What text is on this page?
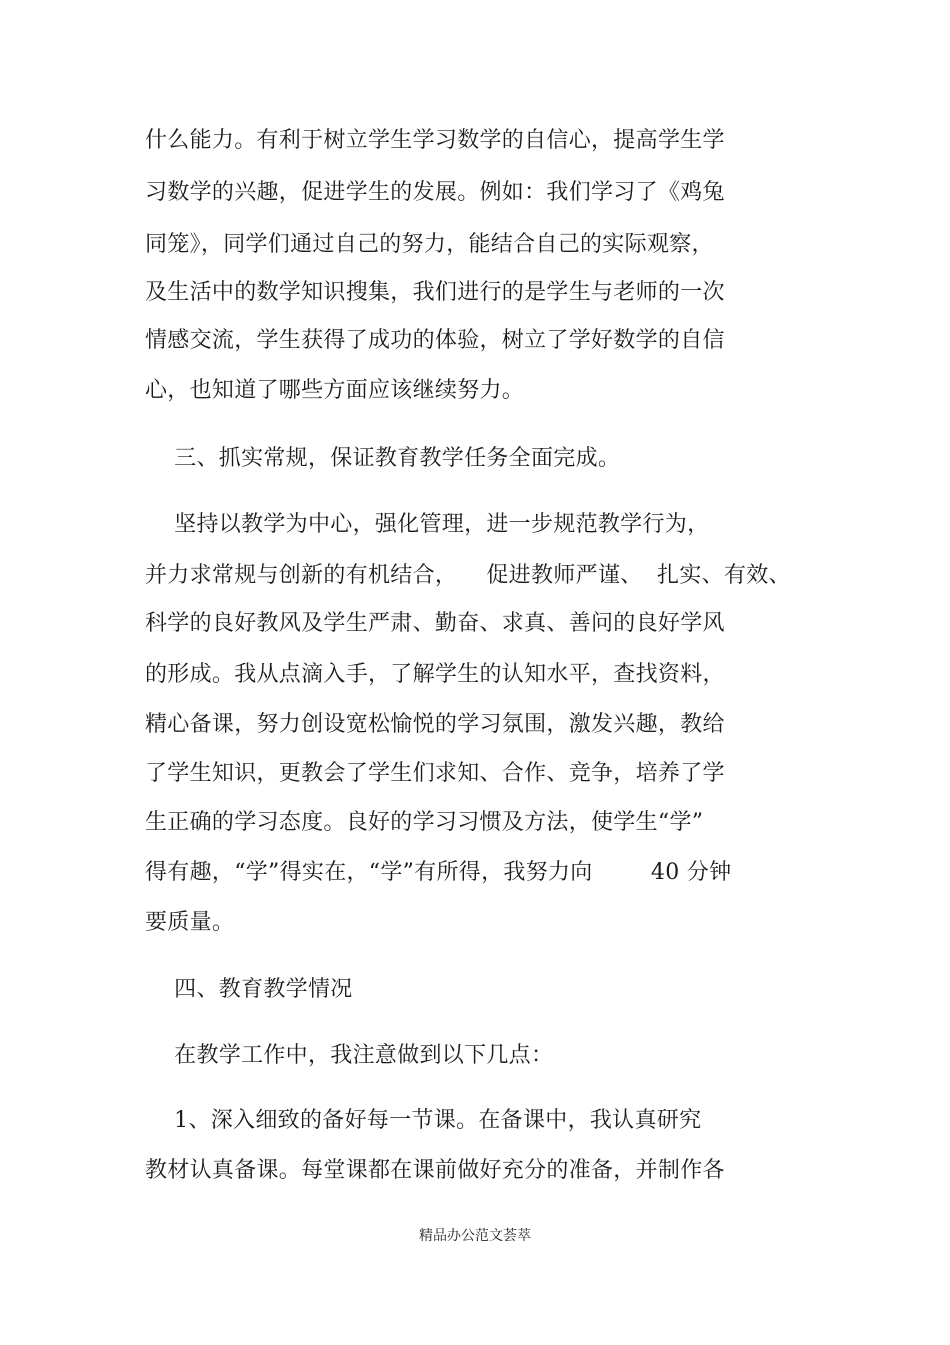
什么能力。有利于树立学生学习数学的自信心，提高学生学
习数学的兴趣，促进学生的发展。例如：我们学习了《鸡兔
同笼》，同学们通过自己的努力，能结合自己的实际观察，
及生活中的数学知识搜集，我们进行的是学生与老师的一次
情感交流，学生获得了成功的体验，树立了学好数学的自信
心，也知道了哪些方面应该继续努力。
三、抓实常规，保证教育教学任务全面完成。
坚持以教学为中心，强化管理，进一步规范教学行为，
并力求常规与创新的有机结合，    促进教师严谨、  扎实、有效、
科学的良好教风及学生严肃、勤奋、求真、善问的良好学风
的形成。我从点滴入手，了解学生的认知水平，查找资料，
精心备课，努力创设宽松愉悦的学习氛围，激发兴趣，教给
了学生知识，更教会了学生们求知、合作、竞争，培养了学
生正确的学习态度。良好的学习习惯及方法，使学生“学”
得有趣，“学”得实在，“学”有所得，我努力向        40 分钟
要质量。
四、教育教学情况
在教学工作中，我注意做到以下几点：
1、深入细致的备好每一节课。在备课中，我认真研究
教材认真备课。每堂课都在课前做好充分的准备，并制作各
精品办公范文荟萃
